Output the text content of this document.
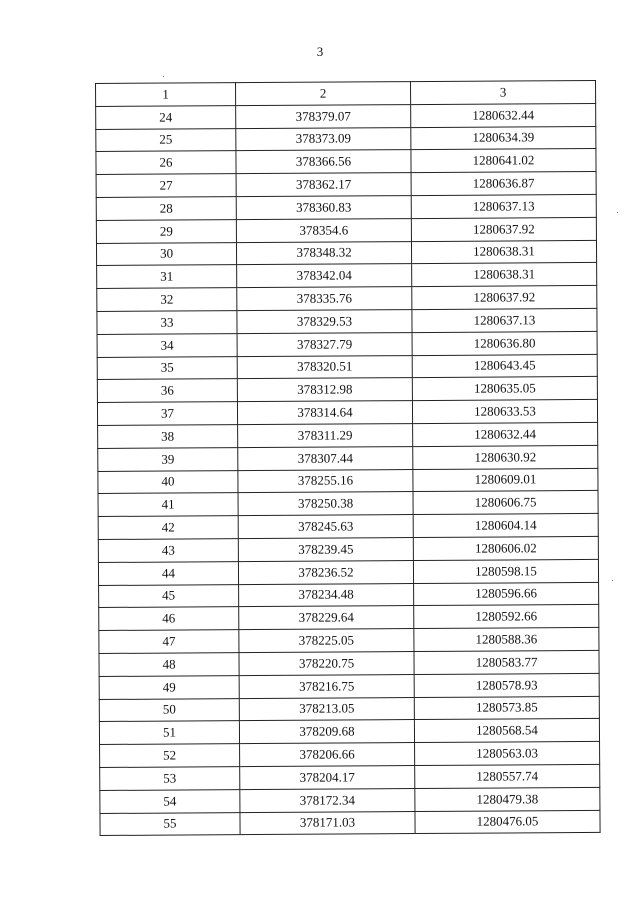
3
1	2	3
24	378379.07	1280632.44
25	378373.09	1280634.39
26	378366.56	1280641.02
27	378362.17	1280636.87
28	378360.83	1280637.13
29	378354.6	1280637.92
30	378348.32	1280638.31
31	378342.04	1280638.31
32	378335.76	1280637.92
33	378329.53	1280637.13
34	378327.79	1280636.80
35	378320.51	1280643.45
36	378312.98	1280635.05
37	378314.64	1280633.53
38	378311.29	1280632.44
39	378307.44	1280630.92
40	378255.16	1280609.01
41	378250.38	1280606.75
42	378245.63	1280604.14
43	378239.45	1280606.02
44	378236.52	1280598.15
45	378234.48	1280596.66
46	378229.64	1280592.66
47	378225.05	1280588.36
48	378220.75	1280583.77
49	378216.75	1280578.93
50	378213.05	1280573.85
51	378209.68	1280568.54
52	378206.66	1280563.03
53	378204.17	1280557.74
54	378172.34	1280479.38
55	378171.03	1280476.05
